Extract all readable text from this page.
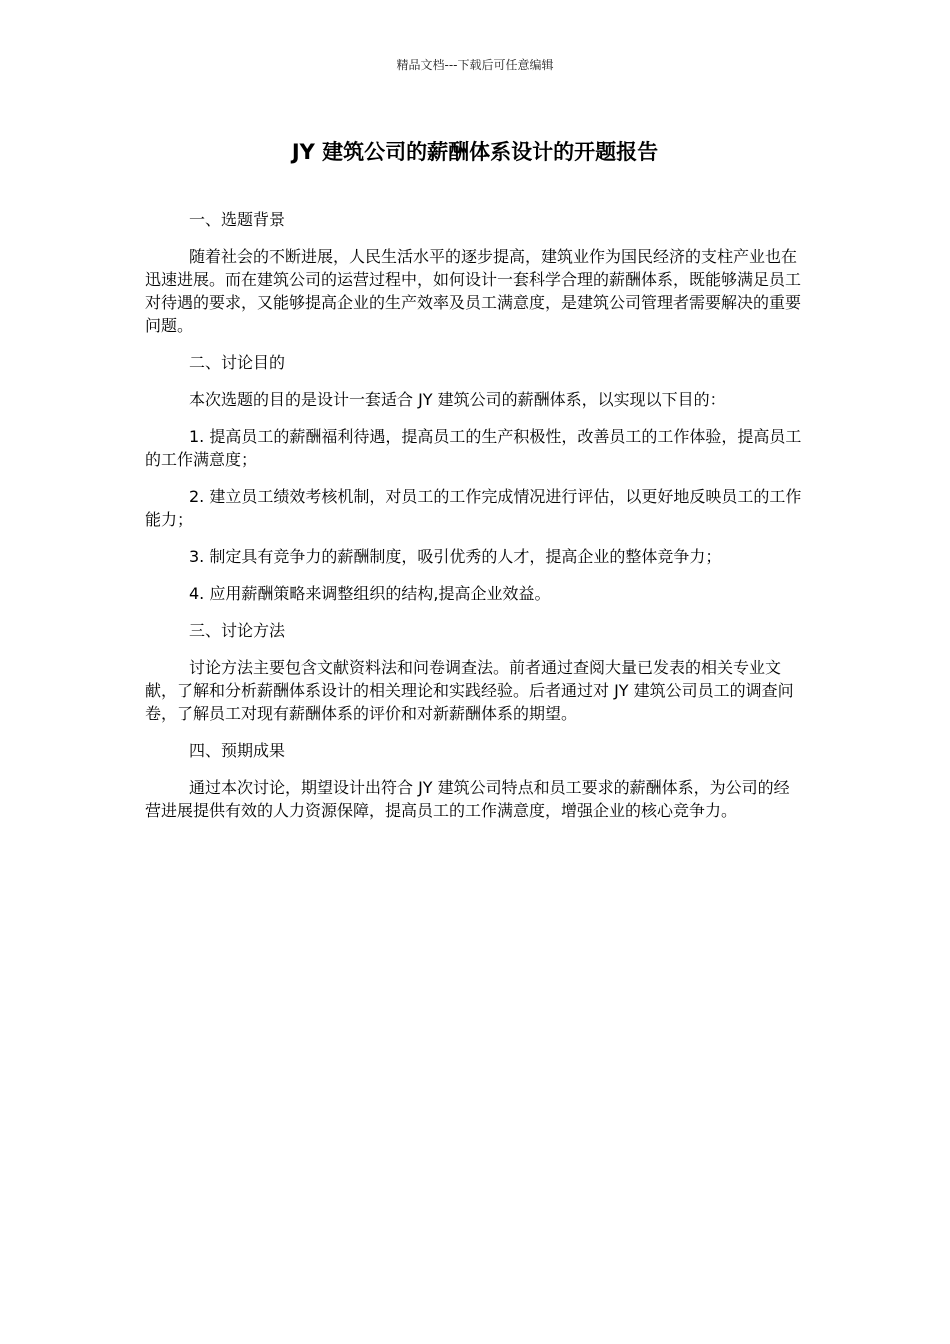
精品文档---下载后可任意编辑
JY 建筑公司的薪酬体系设计的开题报告
一、选题背景

随着社会的不断进展，人民生活水平的逐步提高，建筑业作为国民经济的支柱产业也在迅速进展。而在建筑公司的运营过程中，如何设计一套科学合理的薪酬体系，既能够满足员工对待遇的要求，又能够提高企业的生产效率及员工满意度，是建筑公司管理者需要解决的重要问题。

二、讨论目的

本次选题的目的是设计一套适合 JY 建筑公司的薪酬体系，以实现以下目的：

1. 提高员工的薪酬福利待遇，提高员工的生产积极性，改善员工的工作体验，提高员工的工作满意度；

2. 建立员工绩效考核机制，对员工的工作完成情况进行评估，以更好地反映员工的工作能力；

3. 制定具有竞争力的薪酬制度，吸引优秀的人才，提高企业的整体竞争力；

4. 应用薪酬策略来调整组织的结构,提高企业效益。

三、讨论方法

讨论方法主要包含文献资料法和问卷调查法。前者通过查阅大量已发表的相关专业文献，了解和分析薪酬体系设计的相关理论和实践经验。后者通过对 JY 建筑公司员工的调查问卷，了解员工对现有薪酬体系的评价和对新薪酬体系的期望。

四、预期成果

通过本次讨论，期望设计出符合 JY 建筑公司特点和员工要求的薪酬体系，为公司的经营进展提供有效的人力资源保障，提高员工的工作满意度，增强企业的核心竞争力。
